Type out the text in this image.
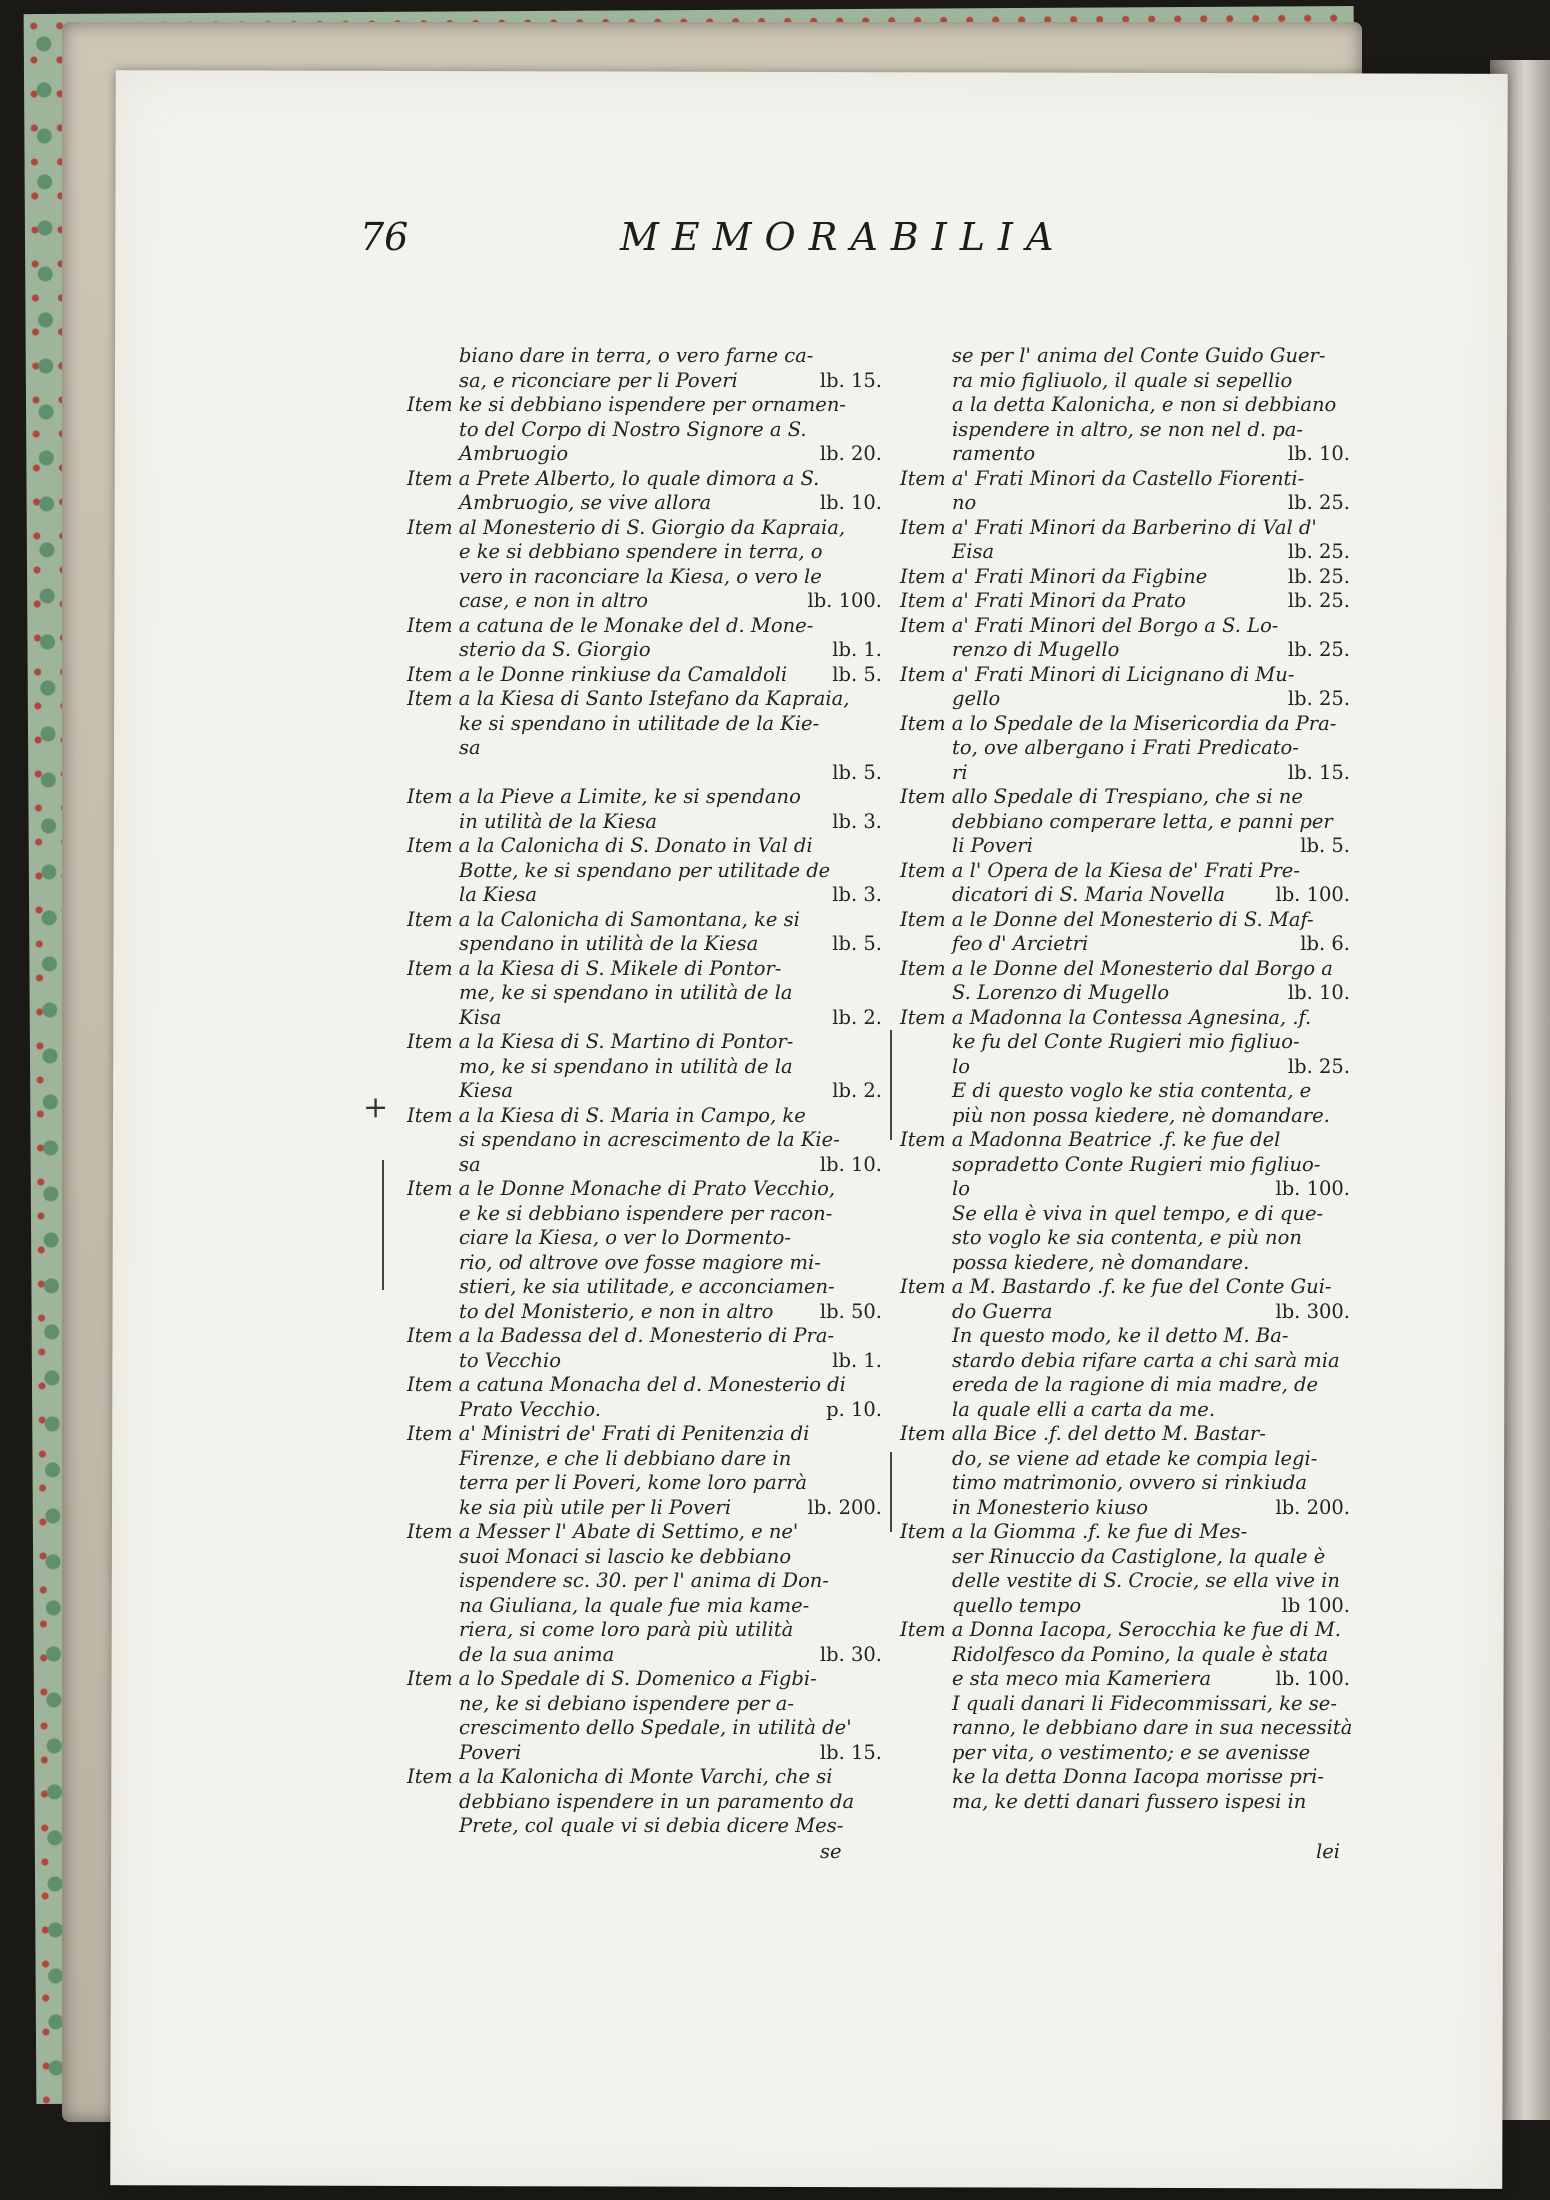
76	MEMORABILIA
+
biano dare in terra, o vero farne ca-
sa, e riconciare per li Poveri	lb. 15.
Item ke si debbiano ispendere per ornamen-
to del Corpo di Nostro Signore a S.
Ambruogio	lb. 20.
Item a Prete Alberto, lo quale dimora a S.
Ambruogio, se vive allora	lb. 10.
Item al Monesterio di S. Giorgio da Kapraia,
e ke si debbiano spendere in terra, o
vero in raconciare la Kiesa, o vero le
case, e non in altro	lb. 100.
Item a catuna de le Monake del d. Mone-
sterio da S. Giorgio	lb. 1.
Item a le Donne rinkiuse da Camaldoli	lb. 5.
Item a la Kiesa di Santo Istefano da Kapraia,
ke si spendano in utilitade de la Kie-
sa
lb. 5.
Item a la Pieve a Limite, ke si spendano
in utilità de la Kiesa	lb. 3.
Item a la Calonicha di S. Donato in Val di
Botte, ke si spendano per utilitade de
la Kiesa	lb. 3.
Item a la Calonicha di Samontana, ke si
spendano in utilità de la Kiesa	lb. 5.
Item a la Kiesa di S. Mikele di Pontor-
me, ke si spendano in utilità de la
Kisa	lb. 2.
Item a la Kiesa di S. Martino di Pontor-
mo, ke si spendano in utilità de la
Kiesa	lb. 2.
Item a la Kiesa di S. Maria in Campo, ke
si spendano in acrescimento de la Kie-
sa	lb. 10.
Item a le Donne Monache di Prato Vecchio,
e ke si debbiano ispendere per racon-
ciare la Kiesa, o ver lo Dormento-
rio, od altrove ove fosse magiore mi-
stieri, ke sia utilitade, e acconciamen-
to del Monisterio, e non in altro	lb. 50.
Item a la Badessa del d. Monesterio di Pra-
to Vecchio	lb. 1.
Item a catuna Monacha del d. Monesterio di
Prato Vecchio.	p. 10.
Item a' Ministri de' Frati di Penitenzia di
Firenze, e che li debbiano dare in
terra per li Poveri, kome loro parrà
ke sia più utile per li Poveri	lb. 200.
Item a Messer l' Abate di Settimo, e ne'
suoi Monaci si lascio ke debbiano
ispendere sc. 30. per l' anima di Don-
na Giuliana, la quale fue mia kame-
riera, si come loro parà più utilità
de la sua anima	lb. 30.
Item a lo Spedale di S. Domenico a Figbi-
ne, ke si debiano ispendere per a-
crescimento dello Spedale, in utilità de'
Poveri	lb. 15.
Item a la Kalonicha di Monte Varchi, che si
debbiano ispendere in un paramento da
Prete, col quale vi si debia dicere Mes-
se per l' anima del Conte Guido Guer-
ra mio figliuolo, il quale si sepellio
a la detta Kalonicha, e non si debbiano
ispendere in altro, se non nel d. pa-
ramento	lb. 10.
Item a' Frati Minori da Castello Fiorenti-
no	lb. 25.
Item a' Frati Minori da Barberino di Val d'
Eisa	lb. 25.
Item a' Frati Minori da Figbine	lb. 25.
Item a' Frati Minori da Prato	lb. 25.
Item a' Frati Minori del Borgo a S. Lo-
renzo di Mugello	lb. 25.
Item a' Frati Minori di Licignano di Mu-
gello	lb. 25.
Item a lo Spedale de la Misericordia da Pra-
to, ove albergano i Frati Predicato-
ri	lb. 15.
Item allo Spedale di Trespiano, che si ne
debbiano comperare letta, e panni per
li Poveri	lb. 5.
Item a l' Opera de la Kiesa de' Frati Pre-
dicatori di S. Maria Novella	lb. 100.
Item a le Donne del Monesterio di S. Maf-
feo d' Arcietri	lb. 6.
Item a le Donne del Monesterio dal Borgo a
S. Lorenzo di Mugello	lb. 10.
Item a Madonna la Contessa Agnesina, .f.
ke fu del Conte Rugieri mio figliuo-
lo	lb. 25.
E di questo voglo ke stia contenta, e
più non possa kiedere, nè domandare.
Item a Madonna Beatrice .f. ke fue del
sopradetto Conte Rugieri mio figliuo-
lo	lb. 100.
Se ella è viva in quel tempo, e di que-
sto voglo ke sia contenta, e più non
possa kiedere, nè domandare.
Item a M. Bastardo .f. ke fue del Conte Gui-
do Guerra	lb. 300.
In questo modo, ke il detto M. Ba-
stardo debia rifare carta a chi sarà mia
ereda de la ragione di mia madre, de
la quale elli a carta da me.
Item alla Bice .f. del detto M. Bastar-
do, se viene ad etade ke compia legi-
timo matrimonio, ovvero si rinkiuda
in Monesterio kiuso	lb. 200.
Item a la Giomma .f. ke fue di Mes-
ser Rinuccio da Castiglone, la quale è
delle vestite di S. Crocie, se ella vive in
quello tempo	lb 100.
Item a Donna Iacopa, Serocchia ke fue di M.
Ridolfesco da Pomino, la quale è stata
e sta meco mia Kameriera	lb. 100.
I quali danari li Fidecommissari, ke se-
ranno, le debbiano dare in sua necessità
per vita, o vestimento; e se avenisse
ke la detta Donna Iacopa morisse pri-
ma, ke detti danari fussero ispesi in
se	lei
